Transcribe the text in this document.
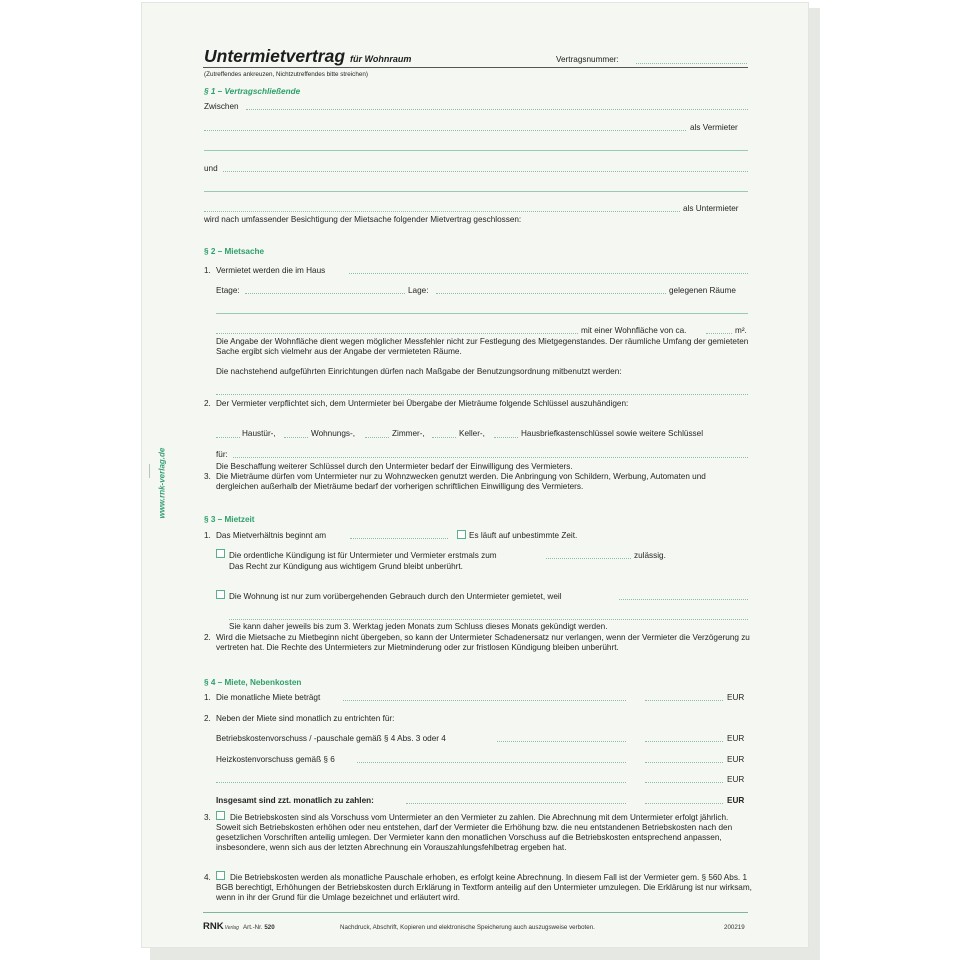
www.rnk-verlag.de
Untermietvertrag für Wohnraum	Vertragsnummer:
(Zutreffendes ankreuzen, Nichtzutreffendes bitte streichen)
§ 1 – Vertragschließende
Zwischen
als Vermieter
und
als Untermieter
wird nach umfassender Besichtigung der Mietsache folgender Mietvertrag geschlossen:
§ 2 – Mietsache
1. Vermietet werden die im Haus
Etage:	Lage:	gelegenen Räume
mit einer Wohnfläche von ca.	m².
Die Angabe der Wohnfläche dient wegen möglicher Messfehler nicht zur Festlegung des Mietgegenstandes. Der räumliche Umfang der gemieteten Sache ergibt sich vielmehr aus der Angabe der vermieteten Räume.
Die nachstehend aufgeführten Einrichtungen dürfen nach Maßgabe der Benutzungsordnung mitbenutzt werden:
2. Der Vermieter verpflichtet sich, dem Untermieter bei Übergabe der Mieträume folgende Schlüssel auszuhändigen:
Haustür-,	Wohnungs-,	Zimmer-,	Keller-,	Hausbriefkastenschlüssel sowie weitere Schlüssel
für:
Die Beschaffung weiterer Schlüssel durch den Untermieter bedarf der Einwilligung des Vermieters.
3. Die Mieträume dürfen vom Untermieter nur zu Wohnzwecken genutzt werden. Die Anbringung von Schildern, Werbung, Automaten und dergleichen außerhalb der Mieträume bedarf der vorherigen schriftlichen Einwilligung des Vermieters.
§ 3 – Mietzeit
1. Das Mietverhältnis beginnt am	Es läuft auf unbestimmte Zeit.
Die ordentliche Kündigung ist für Untermieter und Vermieter erstmals zum	zulässig.
Das Recht zur Kündigung aus wichtigem Grund bleibt unberührt.
Die Wohnung ist nur zum vorübergehenden Gebrauch durch den Untermieter gemietet, weil
Sie kann daher jeweils bis zum 3. Werktag jeden Monats zum Schluss dieses Monats gekündigt werden.
2. Wird die Mietsache zu Mietbeginn nicht übergeben, so kann der Untermieter Schadenersatz nur verlangen, wenn der Vermieter die Verzögerung zu vertreten hat. Die Rechte des Untermieters zur Mietminderung oder zur fristlosen Kündigung bleiben unberührt.
§ 4 – Miete, Nebenkosten
1. Die monatliche Miete beträgt	EUR
2. Neben der Miete sind monatlich zu entrichten für:
Betriebskostenvorschuss / -pauschale gemäß § 4 Abs. 3 oder 4	EUR
Heizkostenvorschuss gemäß § 6	EUR
EUR
Insgesamt sind zzt. monatlich zu zahlen:	EUR
3.	Die Betriebskosten sind als Vorschuss vom Untermieter an den Vermieter zu zahlen. Die Abrechnung mit dem Untermieter erfolgt jährlich. Soweit sich Betriebskosten erhöhen oder neu entstehen, darf der Vermieter die Erhöhung bzw. die neu entstandenen Betriebskosten nach den gesetzlichen Vorschriften anteilig umlegen. Der Vermieter kann den monatlichen Vorschuss auf die Betriebskosten entsprechend anpassen, insbesondere, wenn sich aus der letzten Abrechnung ein Vorauszahlungsfehlbetrag ergeben hat.
4.	Die Betriebskosten werden als monatliche Pauschale erhoben, es erfolgt keine Abrechnung. In diesem Fall ist der Vermieter gem. § 560 Abs. 1 BGB berechtigt, Erhöhungen der Betriebskosten durch Erklärung in Textform anteilig auf den Untermieter umzulegen. Die Erklärung ist nur wirksam, wenn in ihr der Grund für die Umlage bezeichnet und erläutert wird.
RNKVerlag Art.-Nr. 520	Nachdruck, Abschrift, Kopieren und elektronische Speicherung auch auszugsweise verboten.	200219
